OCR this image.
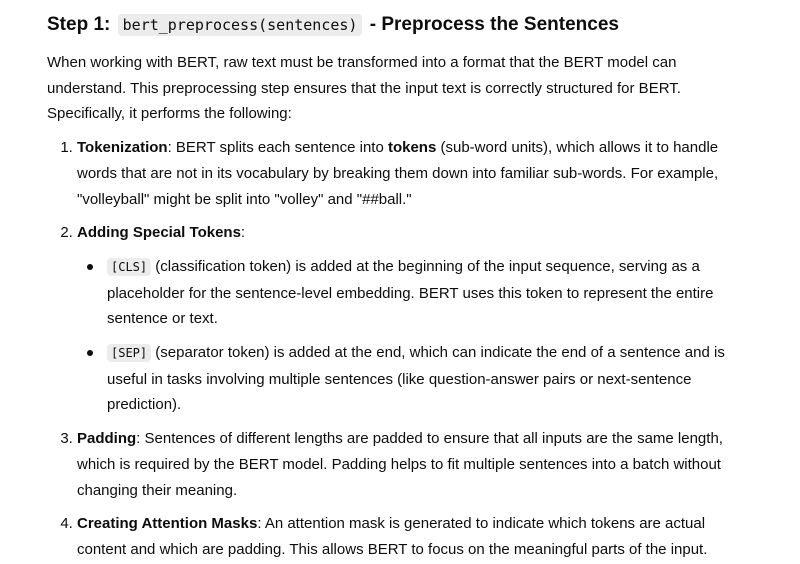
Step 1: bert_preprocess(sentences) - Preprocess the Sentences

When working with BERT, raw text must be transformed into a format that the BERT model can understand. This preprocessing step ensures that the input text is correctly structured for BERT. Specifically, it performs the following:

1. Tokenization: BERT splits each sentence into tokens (sub-word units), which allows it to handle words that are not in its vocabulary by breaking them down into familiar sub-words. For example, "volleyball" might be split into "volley" and "##ball."
2. Adding Special Tokens:
[CLS] (classification token) is added at the beginning of the input sequence, serving as a placeholder for the sentence-level embedding. BERT uses this token to represent the entire sentence or text.
[SEP] (separator token) is added at the end, which can indicate the end of a sentence and is useful in tasks involving multiple sentences (like question-answer pairs or next-sentence prediction).
3. Padding: Sentences of different lengths are padded to ensure that all inputs are the same length, which is required by the BERT model. Padding helps to fit multiple sentences into a batch without changing their meaning.
4. Creating Attention Masks: An attention mask is generated to indicate which tokens are actual content and which are padding. This allows BERT to focus on the meaningful parts of the input.
